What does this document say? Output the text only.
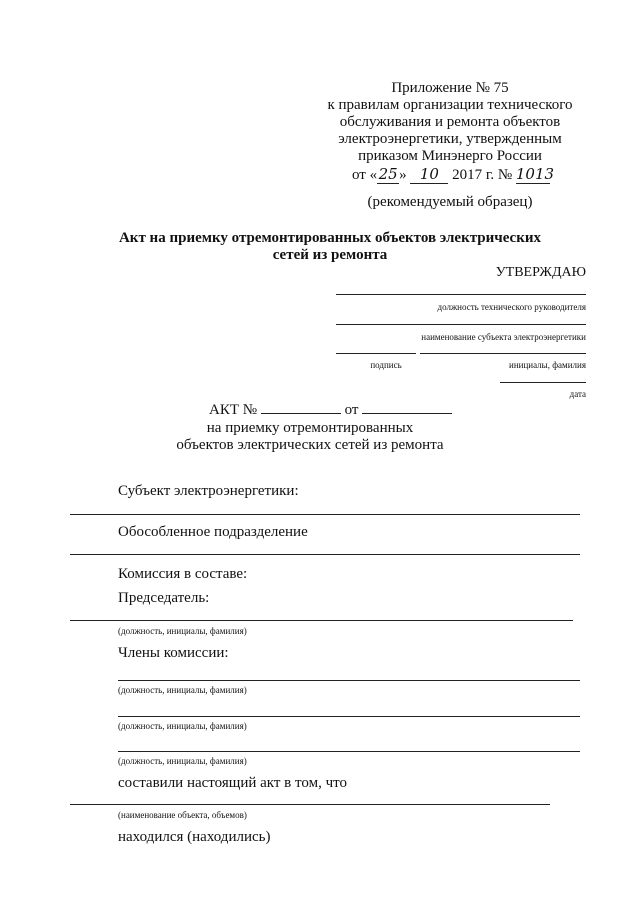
Приложение № 75
к правилам организации технического
обслуживания и ремонта объектов
электроэнергетики, утвержденным
приказом Минэнерго России
от «25» 10 2017 г. № 1013
(рекомендуемый образец)
Акт на приемку отремонтированных объектов электрических
сетей из ремонта
УТВЕРЖДАЮ
должность технического руководителя
наименование субъекта электроэнергетики
подпись	инициалы, фамилия
дата
АКТ №	от
на приемку отремонтированных
объектов электрических сетей из ремонта
Субъект электроэнергетики:
Обособленное подразделение
Комиссия в составе:
Председатель:
(должность, инициалы, фамилия)
Члены комиссии:
(должность, инициалы, фамилия)
(должность, инициалы, фамилия)
(должность, инициалы, фамилия)
составили настоящий акт в том, что
(наименование объекта, объемов)
находился (находились)
